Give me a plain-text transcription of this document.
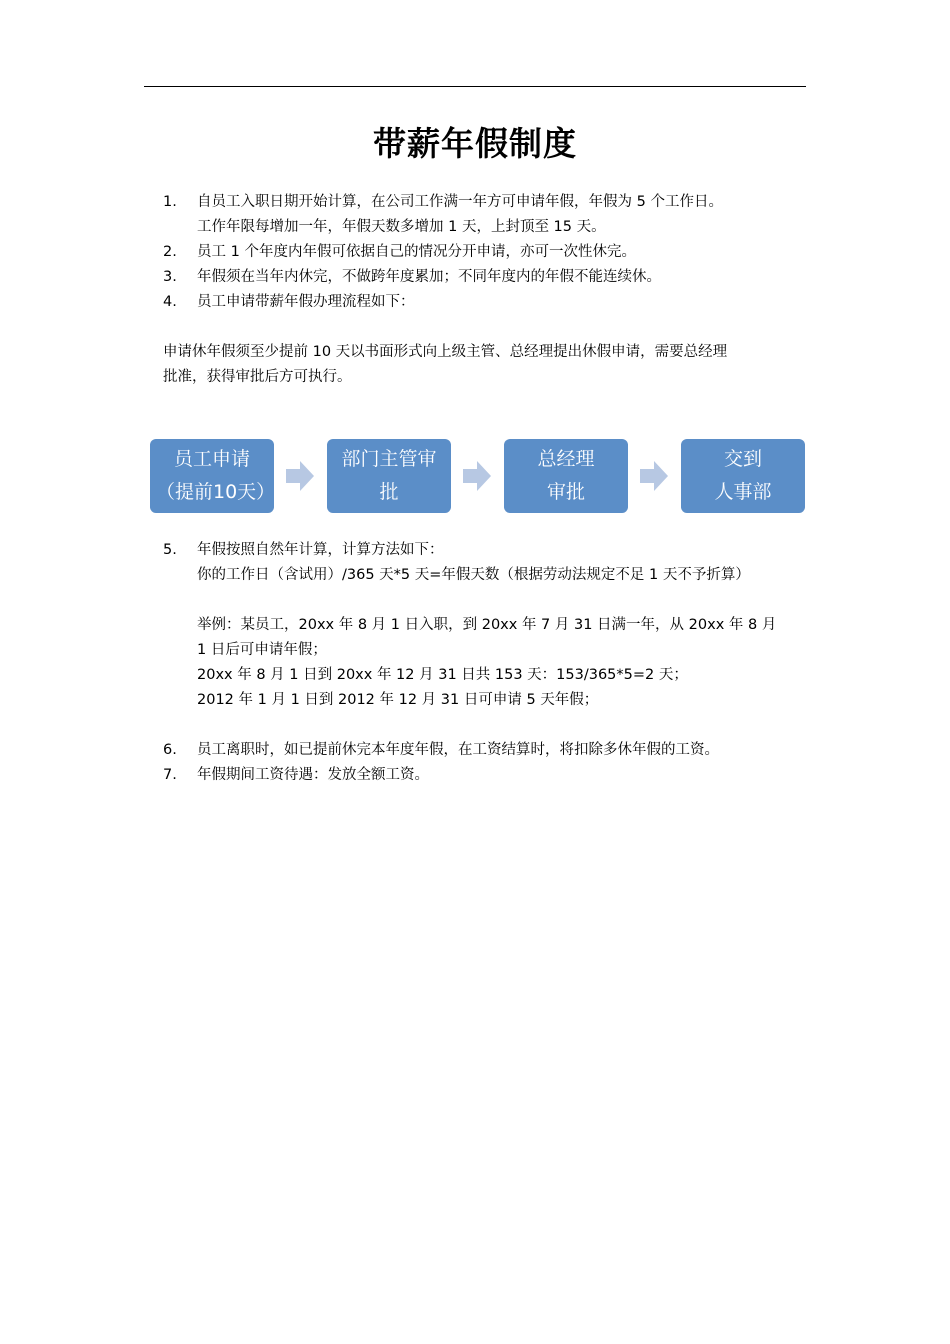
带薪年假制度
1. 自员工入职日期开始计算，在公司工作满一年方可申请年假，年假为 5 个工作日。
工作年限每增加一年，年假天数多增加 1 天，上封顶至 15 天。
2. 员工 1 个年度内年假可依据自己的情况分开申请，亦可一次性休完。
3. 年假须在当年内休完，不做跨年度累加；不同年度内的年假不能连续休。
4. 员工申请带薪年假办理流程如下：
申请休年假须至少提前 10 天以书面形式向上级主管、总经理提出休假申请，需要总经理
批准，获得审批后方可执行。
员工申请
（提前10天）
部门主管审
批
总经理
审批
交到
人事部
5. 年假按照自然年计算，计算方法如下：
你的工作日（含试用）/365 天*5 天=年假天数（根据劳动法规定不足 1 天不予折算）
举例：某员工，20xx 年 8 月 1 日入职，到 20xx 年 7 月 31 日满一年，从 20xx 年 8 月
1 日后可申请年假；
20xx 年 8 月 1 日到 20xx 年 12 月 31 日共 153 天：153/365*5=2 天；
2012 年 1 月 1 日到 2012 年 12 月 31 日可申请 5 天年假；
6. 员工离职时，如已提前休完本年度年假，在工资结算时，将扣除多休年假的工资。
7. 年假期间工资待遇：发放全额工资。
